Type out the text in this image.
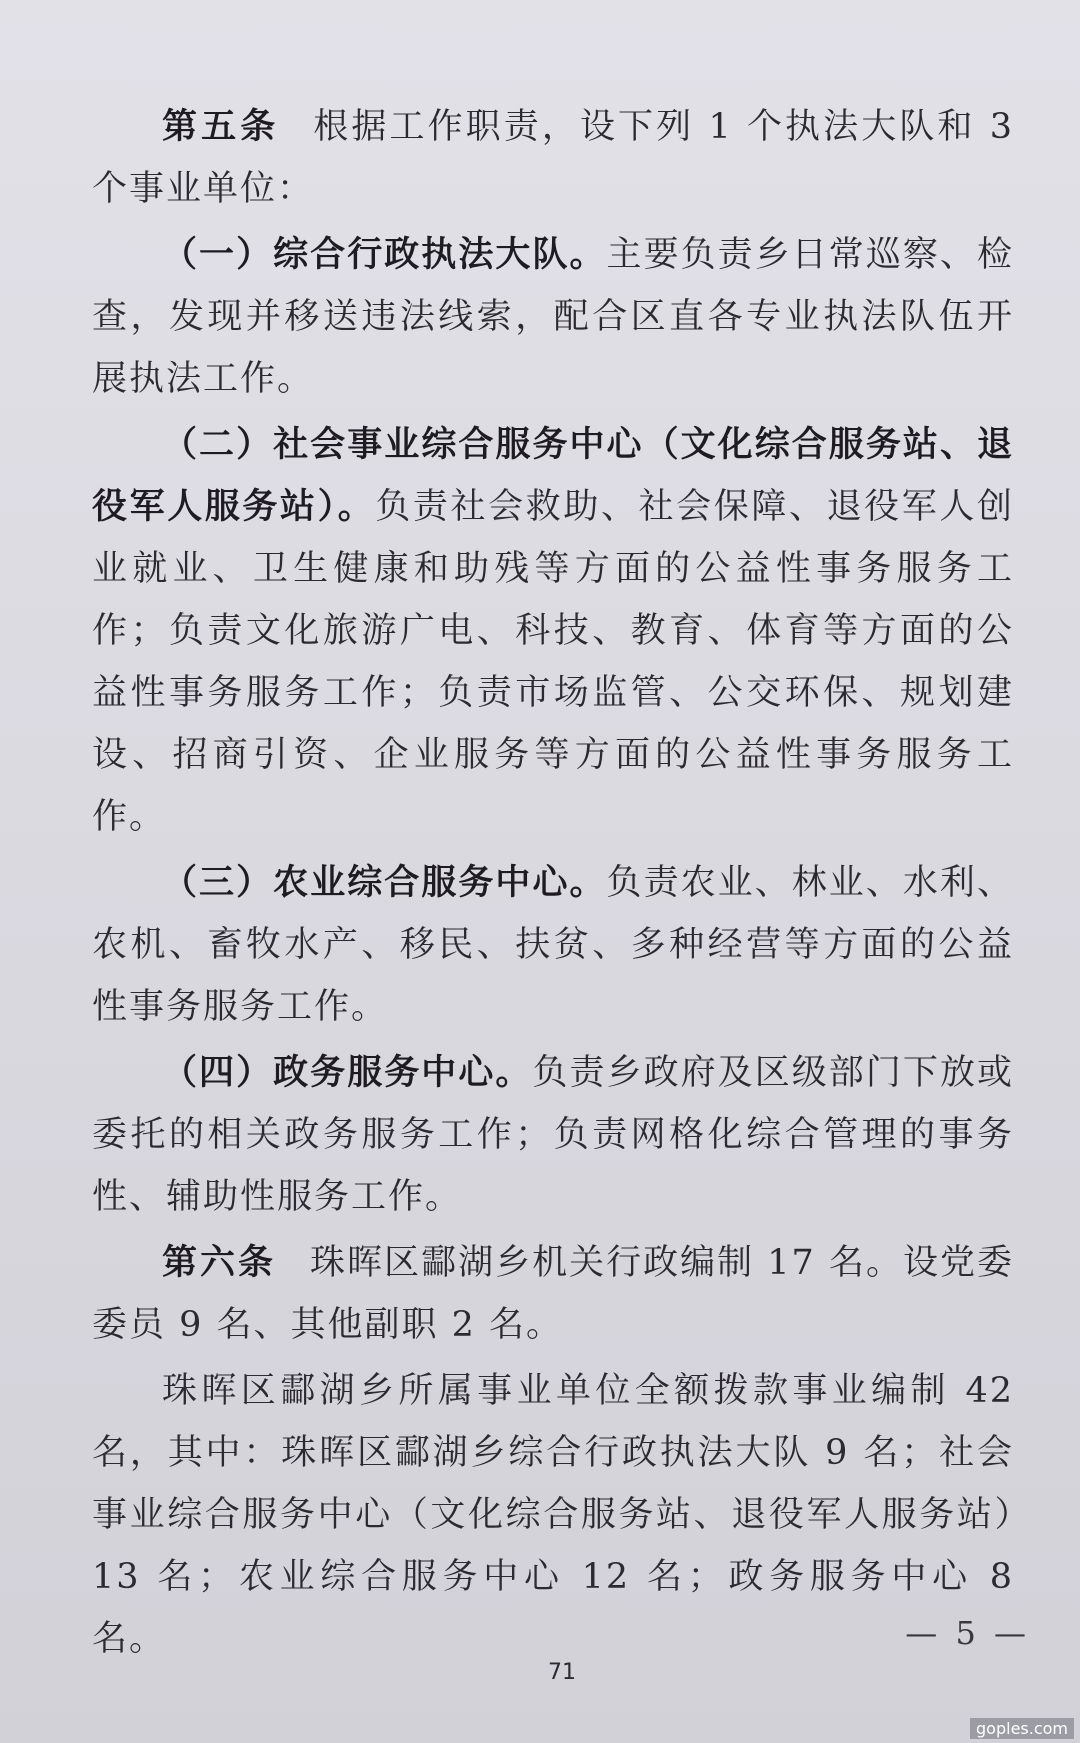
第五条 根据工作职责，设下列 1 个执法大队和 3 个事业单位：

（一）综合行政执法大队。主要负责乡日常巡察、检查，发现并移送违法线索，配合区直各专业执法队伍开展执法工作。

（二）社会事业综合服务中心（文化综合服务站、退役军人服务站）。负责社会救助、社会保障、退役军人创业就业、卫生健康和助残等方面的公益性事务服务工作；负责文化旅游广电、科技、教育、体育等方面的公益性事务服务工作；负责市场监管、公交环保、规划建设、招商引资、企业服务等方面的公益性事务服务工作。

（三）农业综合服务中心。负责农业、林业、水利、农机、畜牧水产、移民、扶贫、多种经营等方面的公益性事务服务工作。

（四）政务服务中心。负责乡政府及区级部门下放或委托的相关政务服务工作；负责网格化综合管理的事务性、辅助性服务工作。

第六条 珠晖区酃湖乡机关行政编制 17 名。设党委委员 9 名、其他副职 2 名。

珠晖区酃湖乡所属事业单位全额拨款事业编制 42 名，其中：珠晖区酃湖乡综合行政执法大队 9 名；社会事业综合服务中心（文化综合服务站、退役军人服务站）13 名；农业综合服务中心 12 名；政务服务中心 8 名。	— 5 —
71
goples.com
